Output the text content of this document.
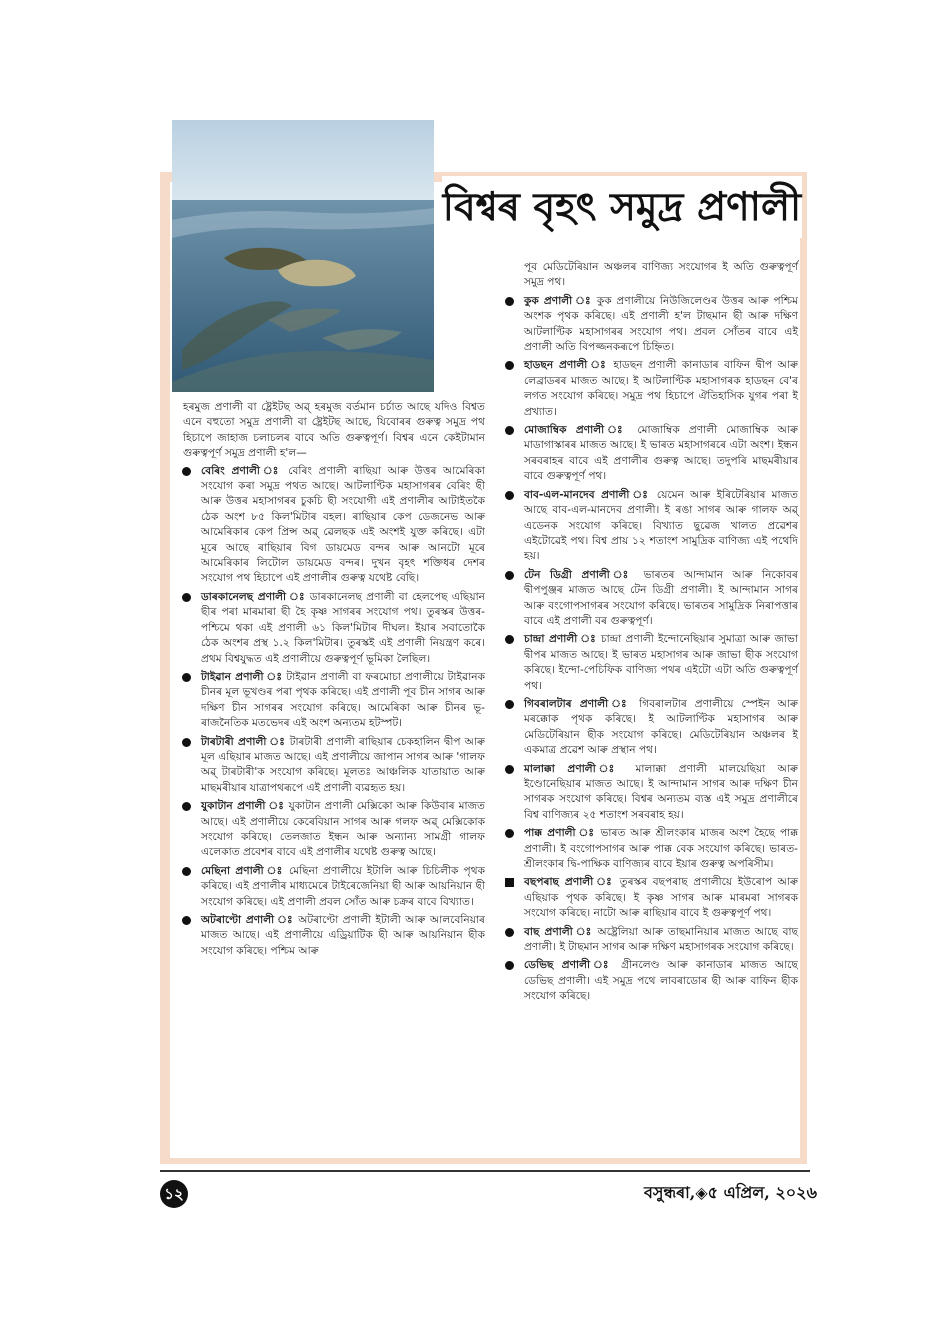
বিশ্বৰ বৃহৎ সমুদ্ৰ প্ৰণালী

হৰমুজ প্ৰণালী বা ষ্ট্ৰেইটছ অৱ্ হৰমুজ বৰ্তমান চৰ্চাত আছে যদিও বিশ্বত এনে বহুতো সমুদ্ৰ প্ৰণালী বা ষ্ট্ৰেইটছ আছে, যিবোৰৰ গুৰুত্ব সমুদ্ৰ পথ হিচাপে জাহাজ চলাচলৰ বাবে অতি গুৰুত্বপূৰ্ণ। বিশ্বৰ এনে কেইটামান গুৰুত্বপূৰ্ণ সমুদ্ৰ প্ৰণালী হ'ল—

বেৰিং প্ৰণালী ঃ বেৰিং প্ৰণালী ৰাছিয়া আৰু উত্তৰ আমেৰিকা সংযোগ কৰা সমুদ্ৰ পথত আছে। আটলাণ্টিক মহাসাগৰৰ বেৰিং ছী আৰু উত্তৰ মহাসাগৰৰ চুকচি ছী সংযোগী এই প্ৰণালীৰ আটাইতকৈ ঠেক অংশ ৮৫ কিল'মিটাৰ বহল। ৰাছিয়াৰ কেপ ডেজনেভ আৰু আমেৰিকাৰ কেপ প্ৰিন্স অৱ্ ৱেলছক এই অংশই যুক্ত কৰিছে। এটা মূৰে আছে ৰাছিয়াৰ বিগ ডায়মেড বন্দৰ আৰু আনটো মূৰে আমেৰিকাৰ লিটোল ডায়মেড বন্দৰ। দুখন বৃহৎ শক্তিধৰ দেশৰ সংযোগ পথ হিচাপে এই প্ৰণালীৰ গুৰুত্ব যথেষ্ট বেছি।
ডাৰকানেলছ প্ৰণালী ঃ ডাৰকানেলছ প্ৰণালী বা হেলপেছ এছিয়ান ছীৰ পৰা মাৰমাৰা ছী হৈ কৃষ্ণ সাগৰৰ সংযোগ পথ। তুৰস্কৰ উত্তৰ-পশ্চিমে থকা এই প্ৰণালী ৬১ কিল'মিটাৰ দীঘল। ইয়াৰ সবাতোকৈ ঠেক অংশৰ প্ৰস্থ ১.২ কিল'মিটাৰ। তুৰস্কই এই প্ৰণালী নিয়ন্ত্ৰণ কৰে। প্ৰথম বিশ্বযুদ্ধত এই প্ৰণালীয়ে গুৰুত্বপূৰ্ণ ভূমিকা লৈছিল।
টাইৱান প্ৰণালী ঃ টাইৱান প্ৰণালী বা ফৰমোচা প্ৰণালীয়ে টাইৱানক চীনৰ মূল ভূখণ্ডৰ পৰা পৃথক কৰিছে। এই প্ৰণালী পূব চীন সাগৰ আৰু দক্ষিণ চীন সাগৰৰ সংযোগ কৰিছে। আমেৰিকা আৰু চীনৰ ভূ-ৰাজনৈতিক মতভেদৰ এই অংশ অন্যতম হটস্পট।
টাৰটাৰী প্ৰণালী ঃ টাৰটাৰী প্ৰণালী ৰাছিয়াৰ চেকহালিন দ্বীপ আৰু মূল এছিয়াৰ মাজত আছে। এই প্ৰণালীয়ে জাপান সাগৰ আৰু 'গালফ অৱ্ টাৰটাৰী'ক সংযোগ কৰিছে। মূলতঃ আঞ্চলিক যাতায়াত আৰু মাছমৰীয়াৰ যাত্ৰাপথৰূপে এই প্ৰণালী ব্যৱহৃত হয়।
যুকাটান প্ৰণালী ঃ যুকাটান প্ৰণালী মেক্সিকো আৰু কিউবাৰ মাজত আছে। এই প্ৰণালীয়ে কেৰেবিয়ান সাগৰ আৰু গলফ অৱ্ মেক্সিকোক সংযোগ কৰিছে। তেলজাত ইন্ধন আৰু অন্যান্য সামগ্ৰী গালফ এলেকাত প্ৰবেশৰ বাবে এই প্ৰণালীৰ যথেষ্ট গুৰুত্ব আছে।
মেছিনা প্ৰণালী ঃ মেছিনা প্ৰণালীয়ে ইটালি আৰু চিচিলীক পৃথক কৰিছে। এই প্ৰণালীৰ মাধ্যমেৰে টাইৰেজেনিয়া ছী আৰু আয়নিয়ান ছী সংযোগ কৰিছে। এই প্ৰণালী প্ৰবল সোঁত আৰু চক্ৰৰ বাবে বিখ্যাত।
অটৰাণ্টো প্ৰণালী ঃ অটৰাণ্টো প্ৰণালী ইটালী আৰু আলবেনিয়াৰ মাজত আছে। এই প্ৰণালীয়ে এড্ৰিয়াটিক ছী আৰু আয়নিয়ান ছীক সংযোগ কৰিছে। পশ্চিম আৰু

পূব মেডিটেৰিয়ান অঞ্চলৰ বাণিজ্য সংযোগৰ ই অতি গুৰুত্বপূৰ্ণ সমুদ্ৰ পথ।

কুক প্ৰণালী ঃ কুক প্ৰণালীয়ে নিউজিলেণ্ডৰ উত্তৰ আৰু পশ্চিম অংশক পৃথক কৰিছে। এই প্ৰণালী হ'ল টাছমান ছী আৰু দক্ষিণ আটলাণ্টিক মহাসাগৰৰ সংযোগ পথ। প্ৰবল সোঁতৰ বাবে এই প্ৰণালী অতি বিপজ্জনকৰূপে চিহ্নিত।
হাডছন প্ৰণালী ঃ হাডছন প্ৰণালী কানাডাৰ বাফিন দ্বীপ আৰু লেব্ৰাডৰৰ মাজত আছে। ই আটলাণ্টিক মহাসাগৰক হাডছন বে'ৰ লগত সংযোগ কৰিছে। সমুদ্ৰ পথ হিচাপে ঐতিহাসিক যুগৰ পৰা ই প্ৰখ্যাত।
মোজাম্বিক প্ৰণালী ঃ মোজাম্বিক প্ৰণালী মোজাম্বিক আৰু মাডাগাস্কাৰৰ মাজত আছে। ই ভাৰত মহাসাগৰৰে এটা অংশ। ইন্ধন সৰবৰাহৰ বাবে এই প্ৰণালীৰ গুৰুত্ব আছে। তদুপৰি মাছমৰীয়াৰ বাবে গুৰুত্বপূৰ্ণ পথ।
বাব-এল-মানদেব প্ৰণালী ঃ য়েমেন আৰু ইৰিটেৰিয়াৰ মাজত আছে বাব-এল-মানদেব প্ৰণালী। ই ৰঙা সাগৰ আৰু গালফ অৱ্ এডেনক সংযোগ কৰিছে। বিখ্যাত ছুৱেজ খালত প্ৰৱেশৰ এইটোৱেই পথ। বিশ্ব প্ৰায় ১২ শতাংশ সামুদ্ৰিক বাণিজ্য এই পথেদি হয়।
টেন ডিগ্ৰী প্ৰণালী ঃ ভাৰতৰ আন্দামান আৰু নিকোবৰ দ্বীপপুঞ্জৰ মাজত আছে টেন ডিগ্ৰী প্ৰণালী। ই আন্দামান সাগৰ আৰু বংগোপসাগৰৰ সংযোগ কৰিছে। ভাৰতৰ সামুদ্ৰিক নিৰাপত্তাৰ বাবে এই প্ৰণালী বৰ গুৰুত্বপূৰ্ণ।
চান্দ্ৰা প্ৰণালী ঃ চান্দ্ৰা প্ৰণালী ইন্দোনেছিয়াৰ সুমাত্ৰা আৰু জাভা দ্বীপৰ মাজত আছে। ই ভাৰত মহাসাগৰ আৰু জাভা ছীক সংযোগ কৰিছে। ইন্দো-পেচিফিক বাণিজ্য পথৰ এইটো এটা অতি গুৰুত্বপূৰ্ণ পথ।
গিবৰালটাৰ প্ৰণালী ঃ গিবৰালটাৰ প্ৰণালীয়ে স্পেইন আৰু মৰক্কোক পৃথক কৰিছে। ই আটলাণ্টিক মহাসাগৰ আৰু মেডিটেৰিয়ান ছীক সংযোগ কৰিছে। মেডিটেৰিয়ান অঞ্চলৰ ই একমাত্ৰ প্ৰৱেশ আৰু প্ৰস্থান পথ।
মালাক্কা প্ৰণালী ঃ মালাক্কা প্ৰণালী মালয়েছিয়া আৰু ইণ্ডোনেছিয়াৰ মাজত আছে। ই আন্দামান সাগৰ আৰু দক্ষিণ চীন সাগৰক সংযোগ কৰিছে। বিশ্বৰ অন্যতম ব্যস্ত এই সমুদ্ৰ প্ৰণালীৰে বিশ্ব বাণিজ্যৰ ২৫ শতাংশ সৰবৰাহ হয়।
পাক্ক প্ৰণালী ঃ ভাৰত আৰু শ্ৰীলংকাৰ মাজৰ অংশ হৈছে পাক্ক প্ৰণালী। ই বংগোপসাগৰ আৰু পাক্ক বেক সংযোগ কৰিছে। ভাৰত-শ্ৰীলংকাৰ দ্বি-পাক্ষিক বাণিজ্যৰ বাবে ইয়াৰ গুৰুত্ব অপৰিসীম।
বছপৰাছ প্ৰণালী ঃ তুৰস্কৰ বছপৰাছ প্ৰণালীয়ে ইউৰোপ আৰু এছিয়াক পৃথক কৰিছে। ই কৃষ্ণ সাগৰ আৰু মাৰমৰা সাগৰক সংযোগ কৰিছে। নাটো আৰু ৰাছিয়াৰ বাবে ই গুৰুত্বপূৰ্ণ পথ।
বাছ প্ৰণালী ঃ অষ্ট্ৰেলিয়া আৰু তাছমানিয়াৰ মাজত আছে বাছ প্ৰণালী। ই টাছমান সাগৰ আৰু দক্ষিণ মহাসাগৰক সংযোগ কৰিছে।
ডেভিছ প্ৰণালী ঃ গ্ৰীনলেণ্ড আৰু কানাডাৰ মাজত আছে ডেভিছ প্ৰণালী। এই সমুদ্ৰ পথে লাবৰাডোৰ ছী আৰু বাফিন ছীক সংযোগ কৰিছে।
১২	বসুন্ধৰা,◈৫ এপ্ৰিল, ২০২৬
